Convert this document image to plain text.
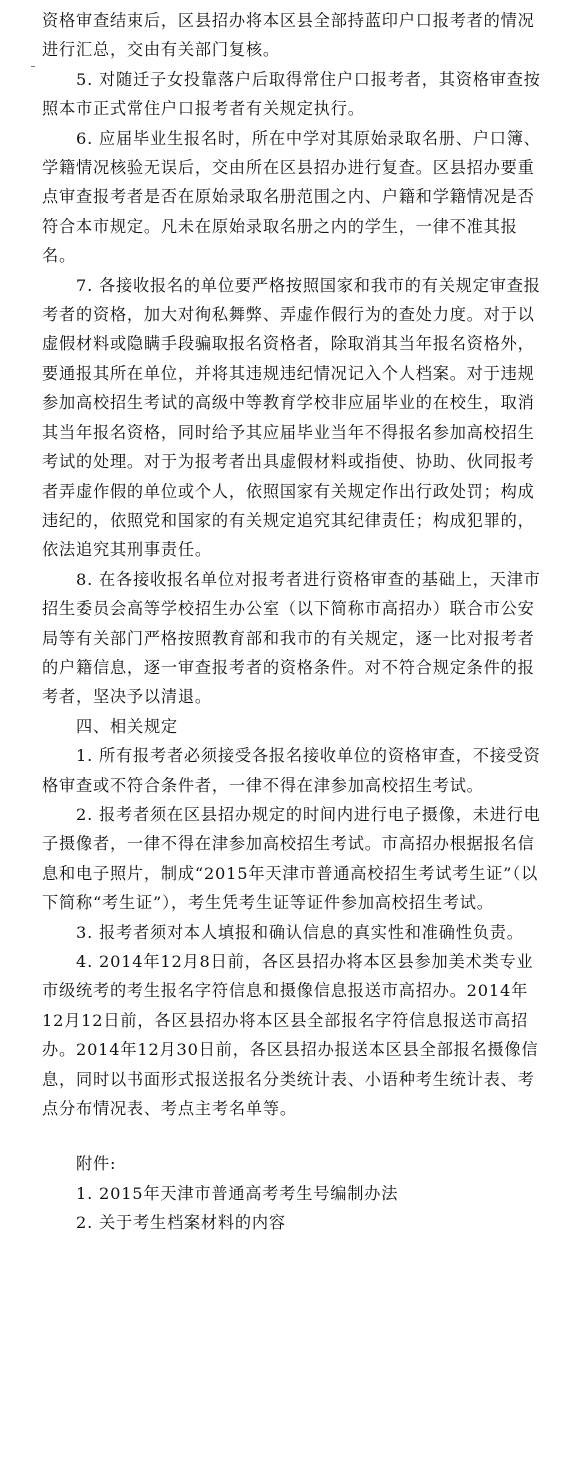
资格审查结束后，区县招办将本区县全部持蓝印户口报考者的情况进行汇总，交由有关部门复核。

5. 对随迁子女投靠落户后取得常住户口报考者，其资格审查按照本市正式常住户口报考者有关规定执行。

6. 应届毕业生报名时，所在中学对其原始录取名册、户口簿、学籍情况核验无误后，交由所在区县招办进行复查。区县招办要重点审查报考者是否在原始录取名册范围之内、户籍和学籍情况是否符合本市规定。凡未在原始录取名册之内的学生，一律不准其报名。

7. 各接收报名的单位要严格按照国家和我市的有关规定审查报考者的资格，加大对徇私舞弊、弄虚作假行为的查处力度。对于以虚假材料或隐瞒手段骗取报名资格者，除取消其当年报名资格外，要通报其所在单位，并将其违规违纪情况记入个人档案。对于违规参加高校招生考试的高级中等教育学校非应届毕业的在校生，取消其当年报名资格，同时给予其应届毕业当年不得报名参加高校招生考试的处理。对于为报考者出具虚假材料或指使、协助、伙同报考者弄虚作假的单位或个人，依照国家有关规定作出行政处罚；构成违纪的，依照党和国家的有关规定追究其纪律责任；构成犯罪的，依法追究其刑事责任。

8. 在各接收报名单位对报考者进行资格审查的基础上，天津市招生委员会高等学校招生办公室（以下简称市高招办）联合市公安局等有关部门严格按照教育部和我市的有关规定，逐一比对报考者的户籍信息，逐一审查报考者的资格条件。对不符合规定条件的报考者，坚决予以清退。

四、相关规定

1. 所有报考者必须接受各报名接收单位的资格审查，不接受资格审查或不符合条件者，一律不得在津参加高校招生考试。

2. 报考者须在区县招办规定的时间内进行电子摄像，未进行电子摄像者，一律不得在津参加高校招生考试。市高招办根据报名信息和电子照片，制成“2015年天津市普通高校招生考试考生证”（以下简称“考生证”），考生凭考生证等证件参加高校招生考试。

3. 报考者须对本人填报和确认信息的真实性和准确性负责。

4. 2014年12月8日前，各区县招办将本区县参加美术类专业市级统考的考生报名字符信息和摄像信息报送市高招办。2014年12月12日前，各区县招办将本区县全部报名字符信息报送市高招办。2014年12月30日前，各区县招办报送本区县全部报名摄像信息，同时以书面形式报送报名分类统计表、小语种考生统计表、考点分布情况表、考点主考名单等。

附件:

1. 2015年天津市普通高考考生号编制办法

2. 关于考生档案材料的内容
